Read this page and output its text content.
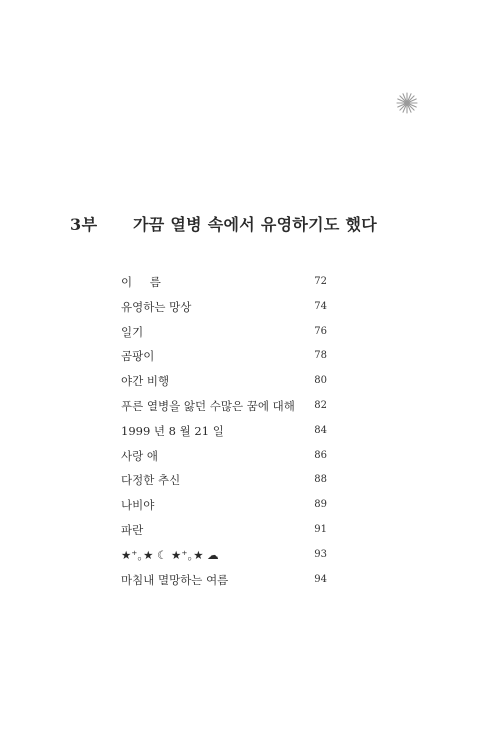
3부 가끔 열병 속에서 유영하기도 했다
이 름	72
유영하는 망상	74
일기	76
곰팡이	78
야간 비행	80
푸른 열병을 앓던 수많은 꿈에 대해 82
1999 년 8 월 21 일	84
사랑 애	86
다정한 추신	88
나비야	89
파란	91
★⁺｡★ ☾ ★⁺｡★ ☁	93
마침내 멸망하는 여름	94
